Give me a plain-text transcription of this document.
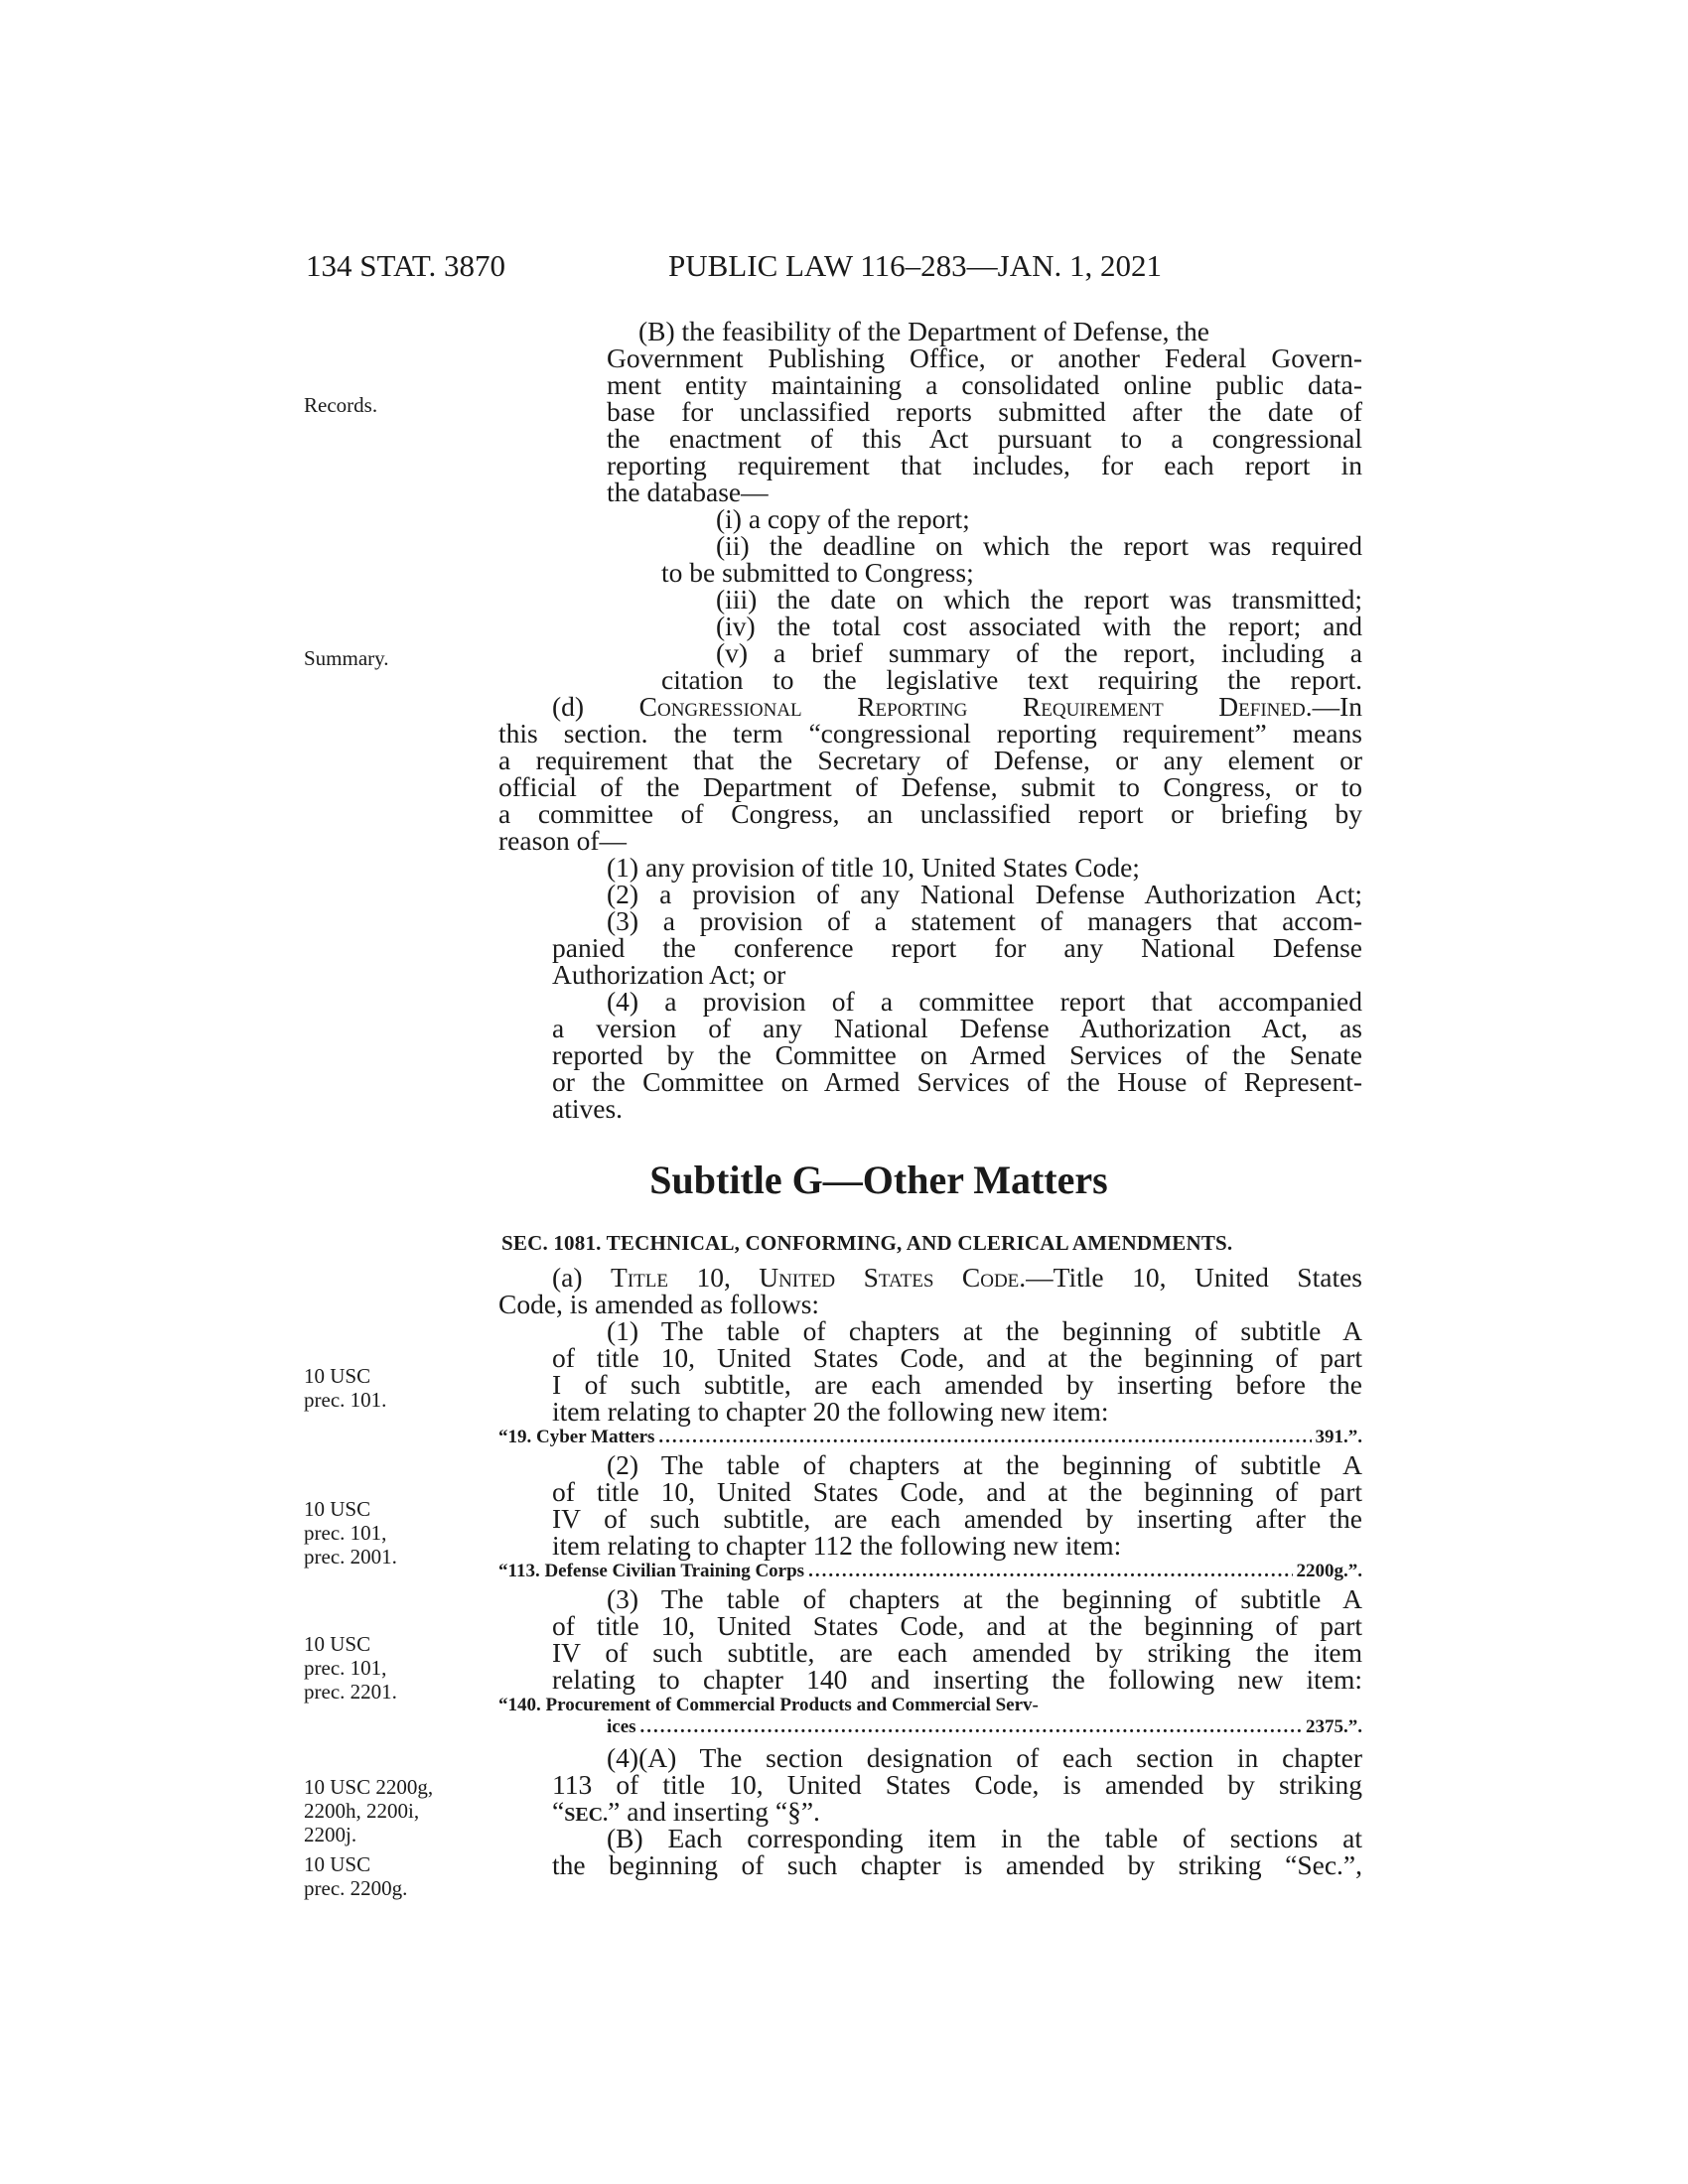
134 STAT. 3870	PUBLIC LAW 116–283—JAN. 1, 2021
Records.
Summary.
10 USC
prec. 101.
10 USC
prec. 101,
prec. 2001.
10 USC
prec. 101,
prec. 2201.
10 USC 2200g,
2200h, 2200i,
2200j.
10 USC
prec. 2200g.
(B) the feasibility of the Department of Defense, the
Government Publishing Office, or another Federal Govern-
ment entity maintaining a consolidated online public data-
base for unclassified reports submitted after the date of
the enactment of this Act pursuant to a congressional
reporting requirement that includes, for each report in
the database—
(i) a copy of the report;
(ii) the deadline on which the report was required
to be submitted to Congress;
(iii) the date on which the report was transmitted;
(iv) the total cost associated with the report; and
(v) a brief summary of the report, including a
citation to the legislative text requiring the report.
(d) Congressional Reporting Requirement Defined.—In
this section. the term “congressional reporting requirement” means
a requirement that the Secretary of Defense, or any element or
official of the Department of Defense, submit to Congress, or to
a committee of Congress, an unclassified report or briefing by
reason of—
(1) any provision of title 10, United States Code;
(2) a provision of any National Defense Authorization Act;
(3) a provision of a statement of managers that accom-
panied the conference report for any National Defense
Authorization Act; or
(4) a provision of a committee report that accompanied
a version of any National Defense Authorization Act, as
reported by the Committee on Armed Services of the Senate
or the Committee on Armed Services of the House of Represent-
atives.
Subtitle G—Other Matters
SEC. 1081. TECHNICAL, CONFORMING, AND CLERICAL AMENDMENTS.
(a) Title 10, United States Code.—Title 10, United States
Code, is amended as follows:
(1) The table of chapters at the beginning of subtitle A
of title 10, United States Code, and at the beginning of part
I of such subtitle, are each amended by inserting before the
item relating to chapter 20 the following new item:
“19. Cyber Matters .....	391.”.
(2) The table of chapters at the beginning of subtitle A
of title 10, United States Code, and at the beginning of part
IV of such subtitle, are each amended by inserting after the
item relating to chapter 112 the following new item:
“113. Defense Civilian Training Corps .....	2200g.”.
(3) The table of chapters at the beginning of subtitle A
of title 10, United States Code, and at the beginning of part
IV of such subtitle, are each amended by striking the item
relating to chapter 140 and inserting the following new item:
“140. Procurement of Commercial Products and Commercial Serv-
ices .....	2375.”.
(4)(A) The section designation of each section in chapter
113 of title 10, United States Code, is amended by striking
“SEC.” and inserting “§”.
(B) Each corresponding item in the table of sections at
the beginning of such chapter is amended by striking “Sec.”,
